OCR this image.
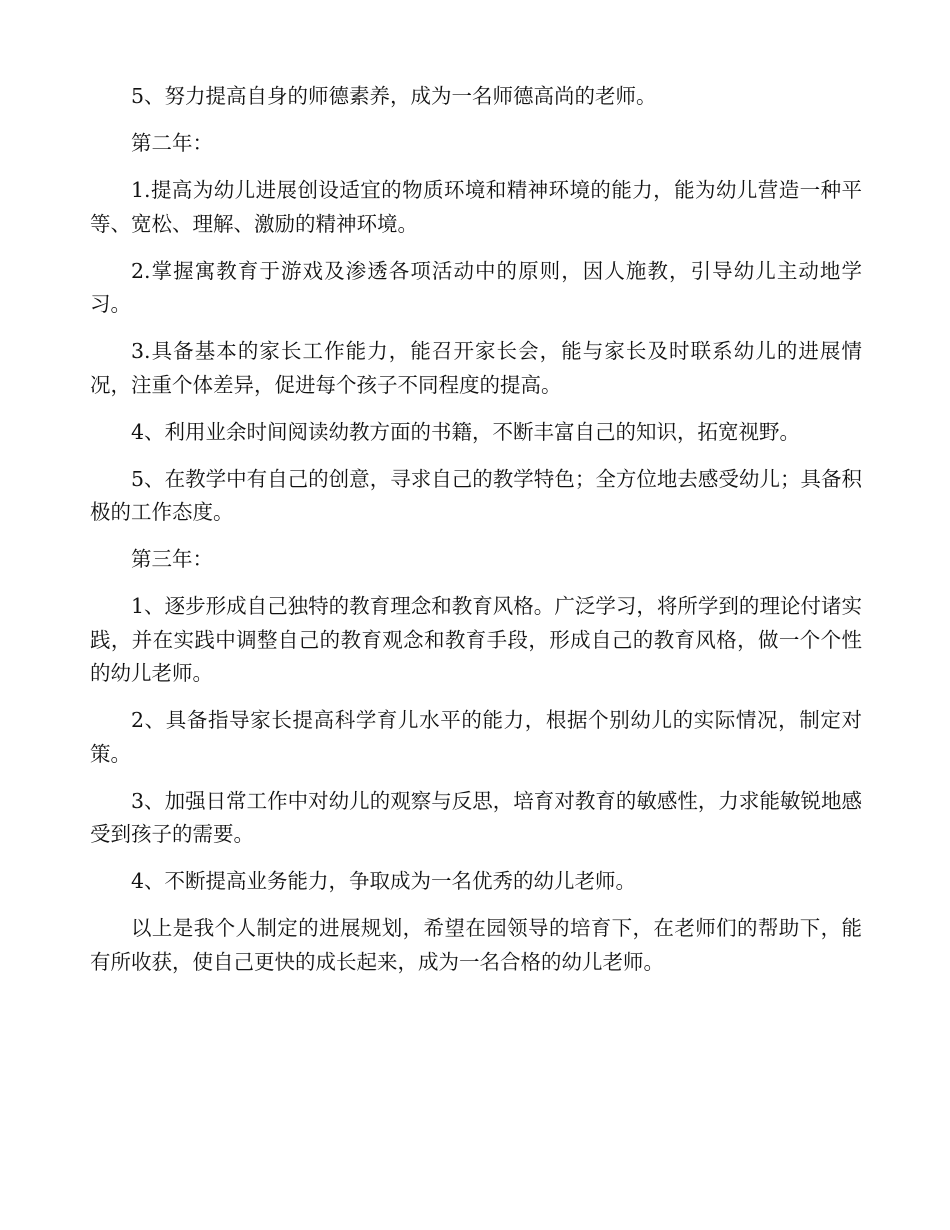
5、努力提高自身的师德素养，成为一名师德高尚的老师。

第二年：

1.提高为幼儿进展创设适宜的物质环境和精神环境的能力，能为幼儿营造一种平等、宽松、理解、激励的精神环境。

2.掌握寓教育于游戏及渗透各项活动中的原则，因人施教，引导幼儿主动地学习。

3.具备基本的家长工作能力，能召开家长会，能与家长及时联系幼儿的进展情况，注重个体差异，促进每个孩子不同程度的提高。

4、利用业余时间阅读幼教方面的书籍，不断丰富自己的知识，拓宽视野。

5、在教学中有自己的创意，寻求自己的教学特色；全方位地去感受幼儿；具备积极的工作态度。

第三年：

1、逐步形成自己独特的教育理念和教育风格。广泛学习，将所学到的理论付诸实践，并在实践中调整自己的教育观念和教育手段，形成自己的教育风格，做一个个性的幼儿老师。

2、具备指导家长提高科学育儿水平的能力，根据个别幼儿的实际情况，制定对策。

3、加强日常工作中对幼儿的观察与反思，培育对教育的敏感性，力求能敏锐地感受到孩子的需要。

4、不断提高业务能力，争取成为一名优秀的幼儿老师。

以上是我个人制定的进展规划，希望在园领导的培育下，在老师们的帮助下，能有所收获，使自己更快的成长起来，成为一名合格的幼儿老师。
